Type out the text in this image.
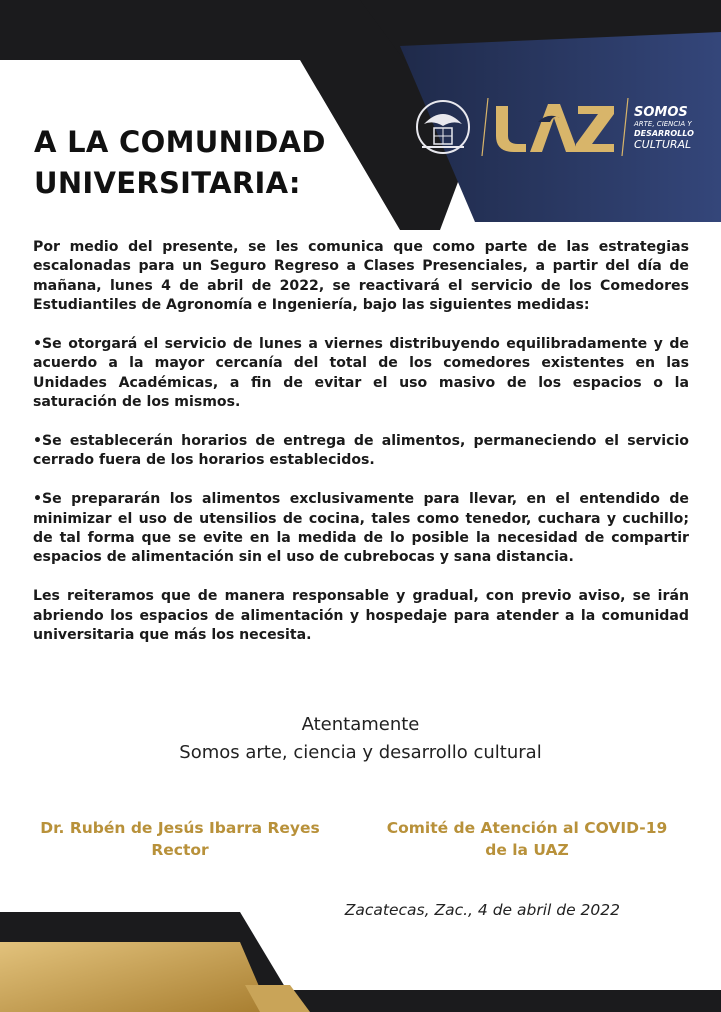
A LA COMUNIDAD
UNIVERSITARIA:
UAZ
SOMOS
ARTE, CIENCIA Y
DESARROLLO
CULTURAL

Por medio del presente, se les comunica que como parte de las estrategias escalonadas para un Seguro Regreso a Clases Presenciales, a partir del día de mañana, lunes 4 de abril de 2022, se reactivará el servicio de los Comedores Estudiantiles de Agronomía e Ingeniería, bajo las siguientes medidas:

•Se otorgará el servicio de lunes a viernes distribuyendo equilibradamente y de acuerdo a la mayor cercanía del total de los comedores existentes en las Unidades Académicas, a fin de evitar el uso masivo de los espacios o la saturación de los mismos.

•Se establecerán horarios de entrega de alimentos, permaneciendo el servicio cerrado fuera de los horarios establecidos.

•Se prepararán los alimentos exclusivamente para llevar, en el entendido de minimizar el uso de utensilios de cocina, tales como tenedor, cuchara y cuchillo; de tal forma que se evite en la medida de lo posible la necesidad de compartir espacios de alimentación sin el uso de cubrebocas y sana distancia.

Les reiteramos que de manera responsable y gradual, con previo aviso, se irán abriendo los espacios de alimentación y hospedaje para atender a la comunidad universitaria que más los necesita.

Atentamente
Somos arte, ciencia y desarrollo cultural
Dr. Rubén de Jesús Ibarra Reyes
Rector
Comité de Atención al COVID-19
de la UAZ
Zacatecas, Zac., 4 de abril de 2022
